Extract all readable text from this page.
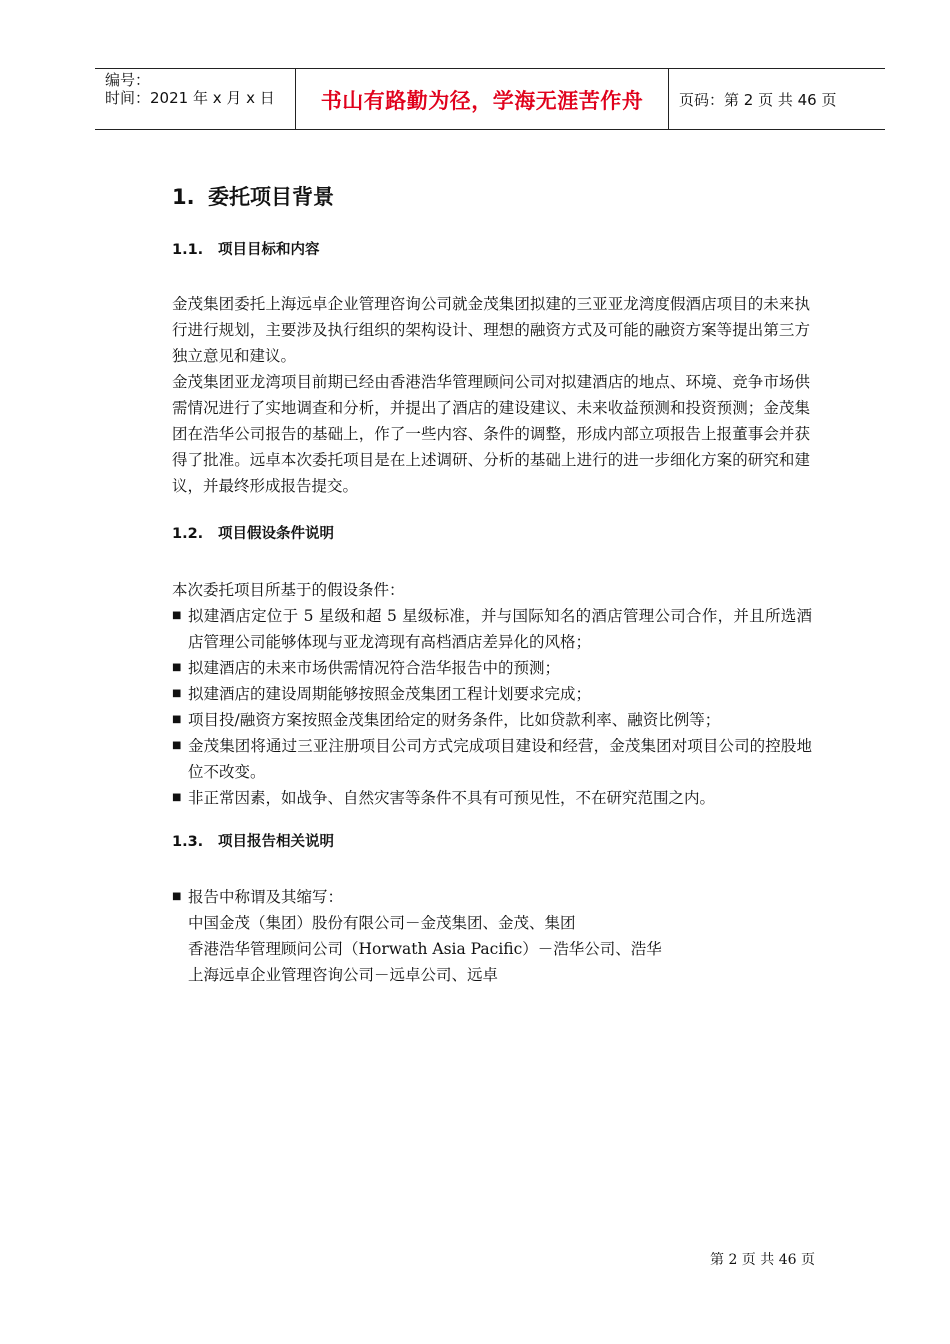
编号：
时间：2021 年 x 月 x 日	书山有路勤为径，学海无涯苦作舟	页码：第 2 页 共 46 页
1. 委托项目背景
1.1. 项目目标和内容

金茂集团委托上海远卓企业管理咨询公司就金茂集团拟建的三亚亚龙湾度假酒店项目的未来执行进行规划，主要涉及执行组织的架构设计、理想的融资方式及可能的融资方案等提出第三方独立意见和建议。

金茂集团亚龙湾项目前期已经由香港浩华管理顾问公司对拟建酒店的地点、环境、竞争市场供需情况进行了实地调查和分析，并提出了酒店的建设建议、未来收益预测和投资预测；金茂集团在浩华公司报告的基础上，作了一些内容、条件的调整，形成内部立项报告上报董事会并获得了批准。远卓本次委托项目是在上述调研、分析的基础上进行的进一步细化方案的研究和建议，并最终形成报告提交。

1.2. 项目假设条件说明

本次委托项目所基于的假设条件：

■ 拟建酒店定位于 5 星级和超 5 星级标准，并与国际知名的酒店管理公司合作，并且所选酒店管理公司能够体现与亚龙湾现有高档酒店差异化的风格；
■ 拟建酒店的未来市场供需情况符合浩华报告中的预测；
■ 拟建酒店的建设周期能够按照金茂集团工程计划要求完成；
■ 项目投/融资方案按照金茂集团给定的财务条件，比如贷款利率、融资比例等；
■ 金茂集团将通过三亚注册项目公司方式完成项目建设和经营，金茂集团对项目公司的控股地位不改变。
■ 非正常因素，如战争、自然灾害等条件不具有可预见性，不在研究范围之内。
1.3. 项目报告相关说明
■ 报告中称谓及其缩写：
中国金茂（集团）股份有限公司－金茂集团、金茂、集团
香港浩华管理顾问公司（Horwath Asia Pacific）－浩华公司、浩华
上海远卓企业管理咨询公司－远卓公司、远卓
第 2 页 共 46 页
